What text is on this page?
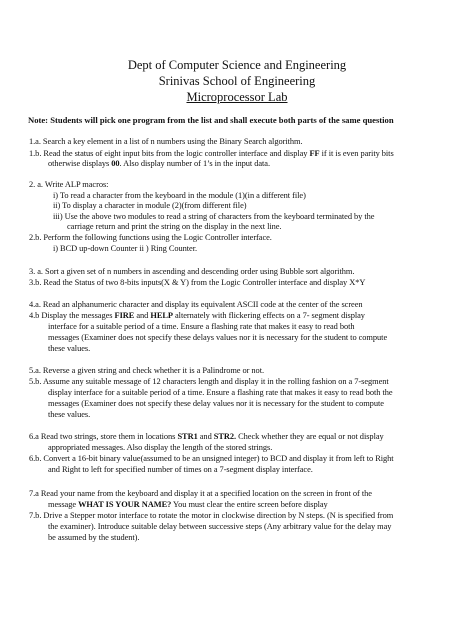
Dept of Computer Science and Engineering
Srinivas School of Engineering
Microprocessor Lab
Note: Students will pick one program from the list and shall execute both parts of the same question
1.a. Search a key element in a list of n numbers using the Binary Search algorithm.
1.b. Read the status of eight input bits from the logic controller interface and display FF if it is even parity bits
otherwise displays 00. Also display number of 1’s in the input data.
2. a. Write ALP macros:
i) To read a character from the keyboard in the module (1)(in a different file)
ii) To display a character in module (2)(from different file)
iii) Use the above two modules to read a string of characters from the keyboard terminated by the
carriage return and print the string on the display in the next line.
2.b. Perform the following functions using the Logic Controller interface.
i) BCD up-down Counter ii ) Ring Counter.
3. a. Sort a given set of n numbers in ascending and descending order using Bubble sort algorithm.
3.b. Read the Status of two 8-bits inputs(X & Y) from the Logic Controller interface and display X*Y
4.a. Read an alphanumeric character and display its equivalent ASCII code at the center of the screen
4.b Display the messages FIRE and HELP alternately with flickering effects on a 7- segment display
interface for a suitable period of a time. Ensure a flashing rate that makes it easy to read both
messages (Examiner does not specify these delays values nor it is necessary for the student to compute
these values.
5.a. Reverse a given string and check whether it is a Palindrome or not.
5.b. Assume any suitable message of 12 characters length and display it in the rolling fashion on a 7-segment
display interface for a suitable period of a time. Ensure a flashing rate that makes it easy to read both the
messages (Examiner does not specify these delay values nor it is necessary for the student to compute
these values.
6.a Read two strings, store them in locations STR1 and STR2. Check whether they are equal or not display
appropriated messages. Also display the length of the stored strings.
6.b. Convert a 16-bit binary value(assumed to be an unsigned integer) to BCD and display it from left to Right
and Right to left for specified number of times on a 7-segment display interface.
7.a Read your name from the keyboard and display it at a specified location on the screen in front of the
message WHAT IS YOUR NAME? You must clear the entire screen before display
7.b. Drive a Stepper motor interface to rotate the motor in clockwise direction by N steps. (N is specified from
the examiner). Introduce suitable delay between successive steps (Any arbitrary value for the delay may
be assumed by the student).
